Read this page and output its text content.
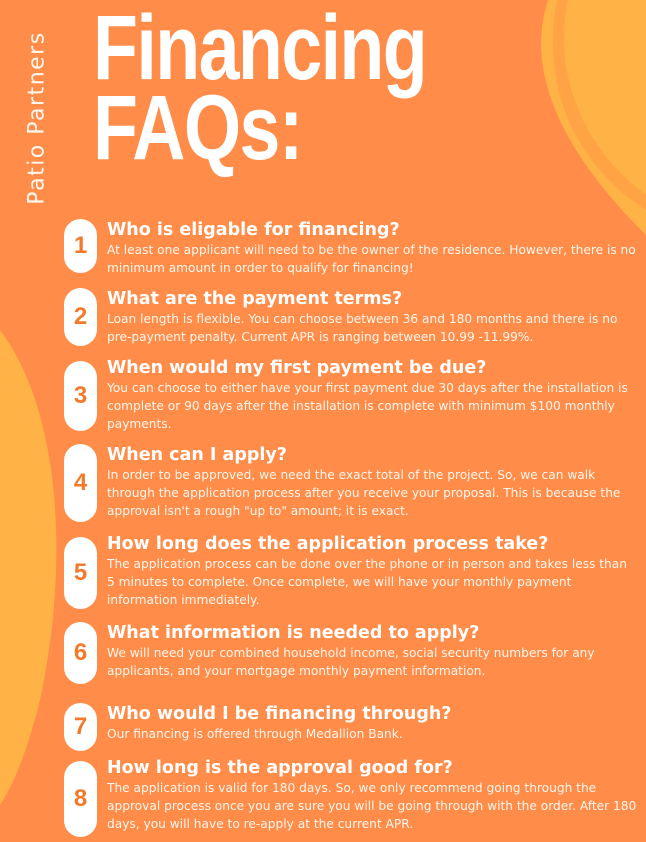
Patio Partners Financing
FAQs:
1
Who is eligable for financing?
At least one applicant will need to be the owner of the residence. However, there is no minimum amount in order to qualify for financing!
2
What are the payment terms?
Loan length is flexible. You can choose between 36 and 180 months and there is no pre-payment penalty. Current APR is ranging between 10.99 -11.99%.
3
When would my first payment be due?
You can choose to either have your first payment due 30 days after the installation is complete or 90 days after the installation is complete with minimum $100 monthly payments.
4
When can I apply?
In order to be approved, we need the exact total of the project. So, we can walk through the application process after you receive your proposal. This is because the approval isn't a rough "up to" amount; it is exact.
5
How long does the application process take?
The application process can be done over the phone or in person and takes less than 5 minutes to complete. Once complete, we will have your monthly payment information immediately.
6
What information is needed to apply?
We will need your combined household income, social security numbers for any applicants, and your mortgage monthly payment information.
7 Who would I be financing through?
Our financing is offered through Medallion Bank.
8
How long is the approval good for?
The application is valid for 180 days. So, we only recommend going through the approval process once you are sure you will be going through with the order. After 180 days, you will have to re-apply at the current APR.
